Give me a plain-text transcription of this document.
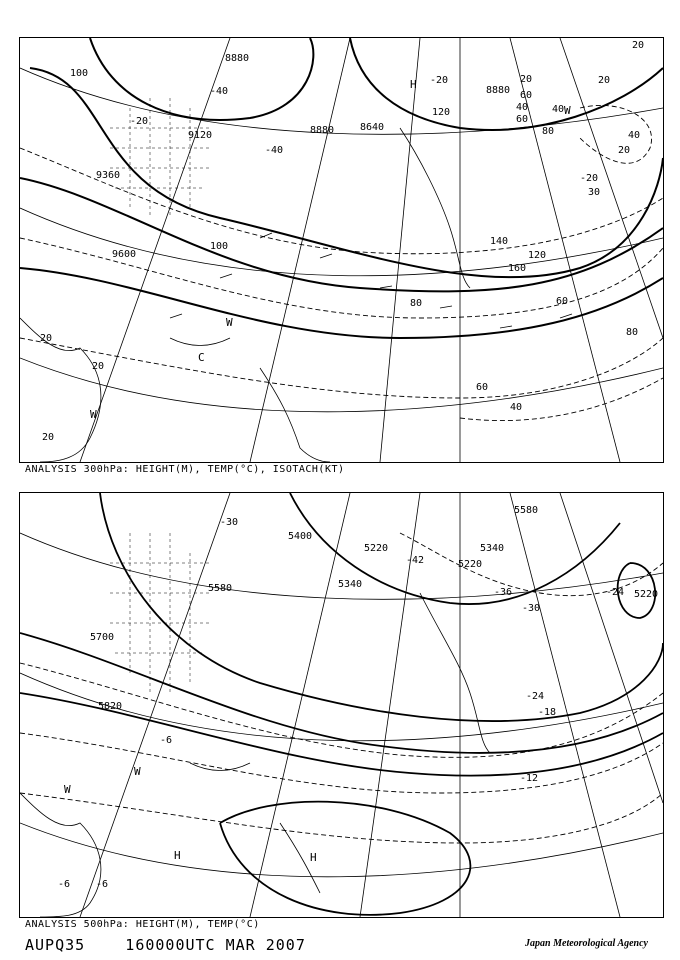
8880
9120
9360
9600
8880	8640
8880
-40
-40
-20
-20
-20
100
20
40
60
80
100
120
140
160
120
80
60
60
40
20
20
20
20
40
20
30
40
60
80
20
W
C
W
W
H
ANALYSIS 300hPa: HEIGHT(M), TEMP(°C), ISOTACH(KT)
5400
5220
5580
5700
5820
5340
5220
5340
5580
5220
-30
-42
-36
-30
-24
-18
-12
-6
-6	-6
-24
W
W
H	H
ANALYSIS 500hPa: HEIGHT(M), TEMP(°C)
AUPQ35    160000UTC MAR 2007	Japan Meteorological Agency
